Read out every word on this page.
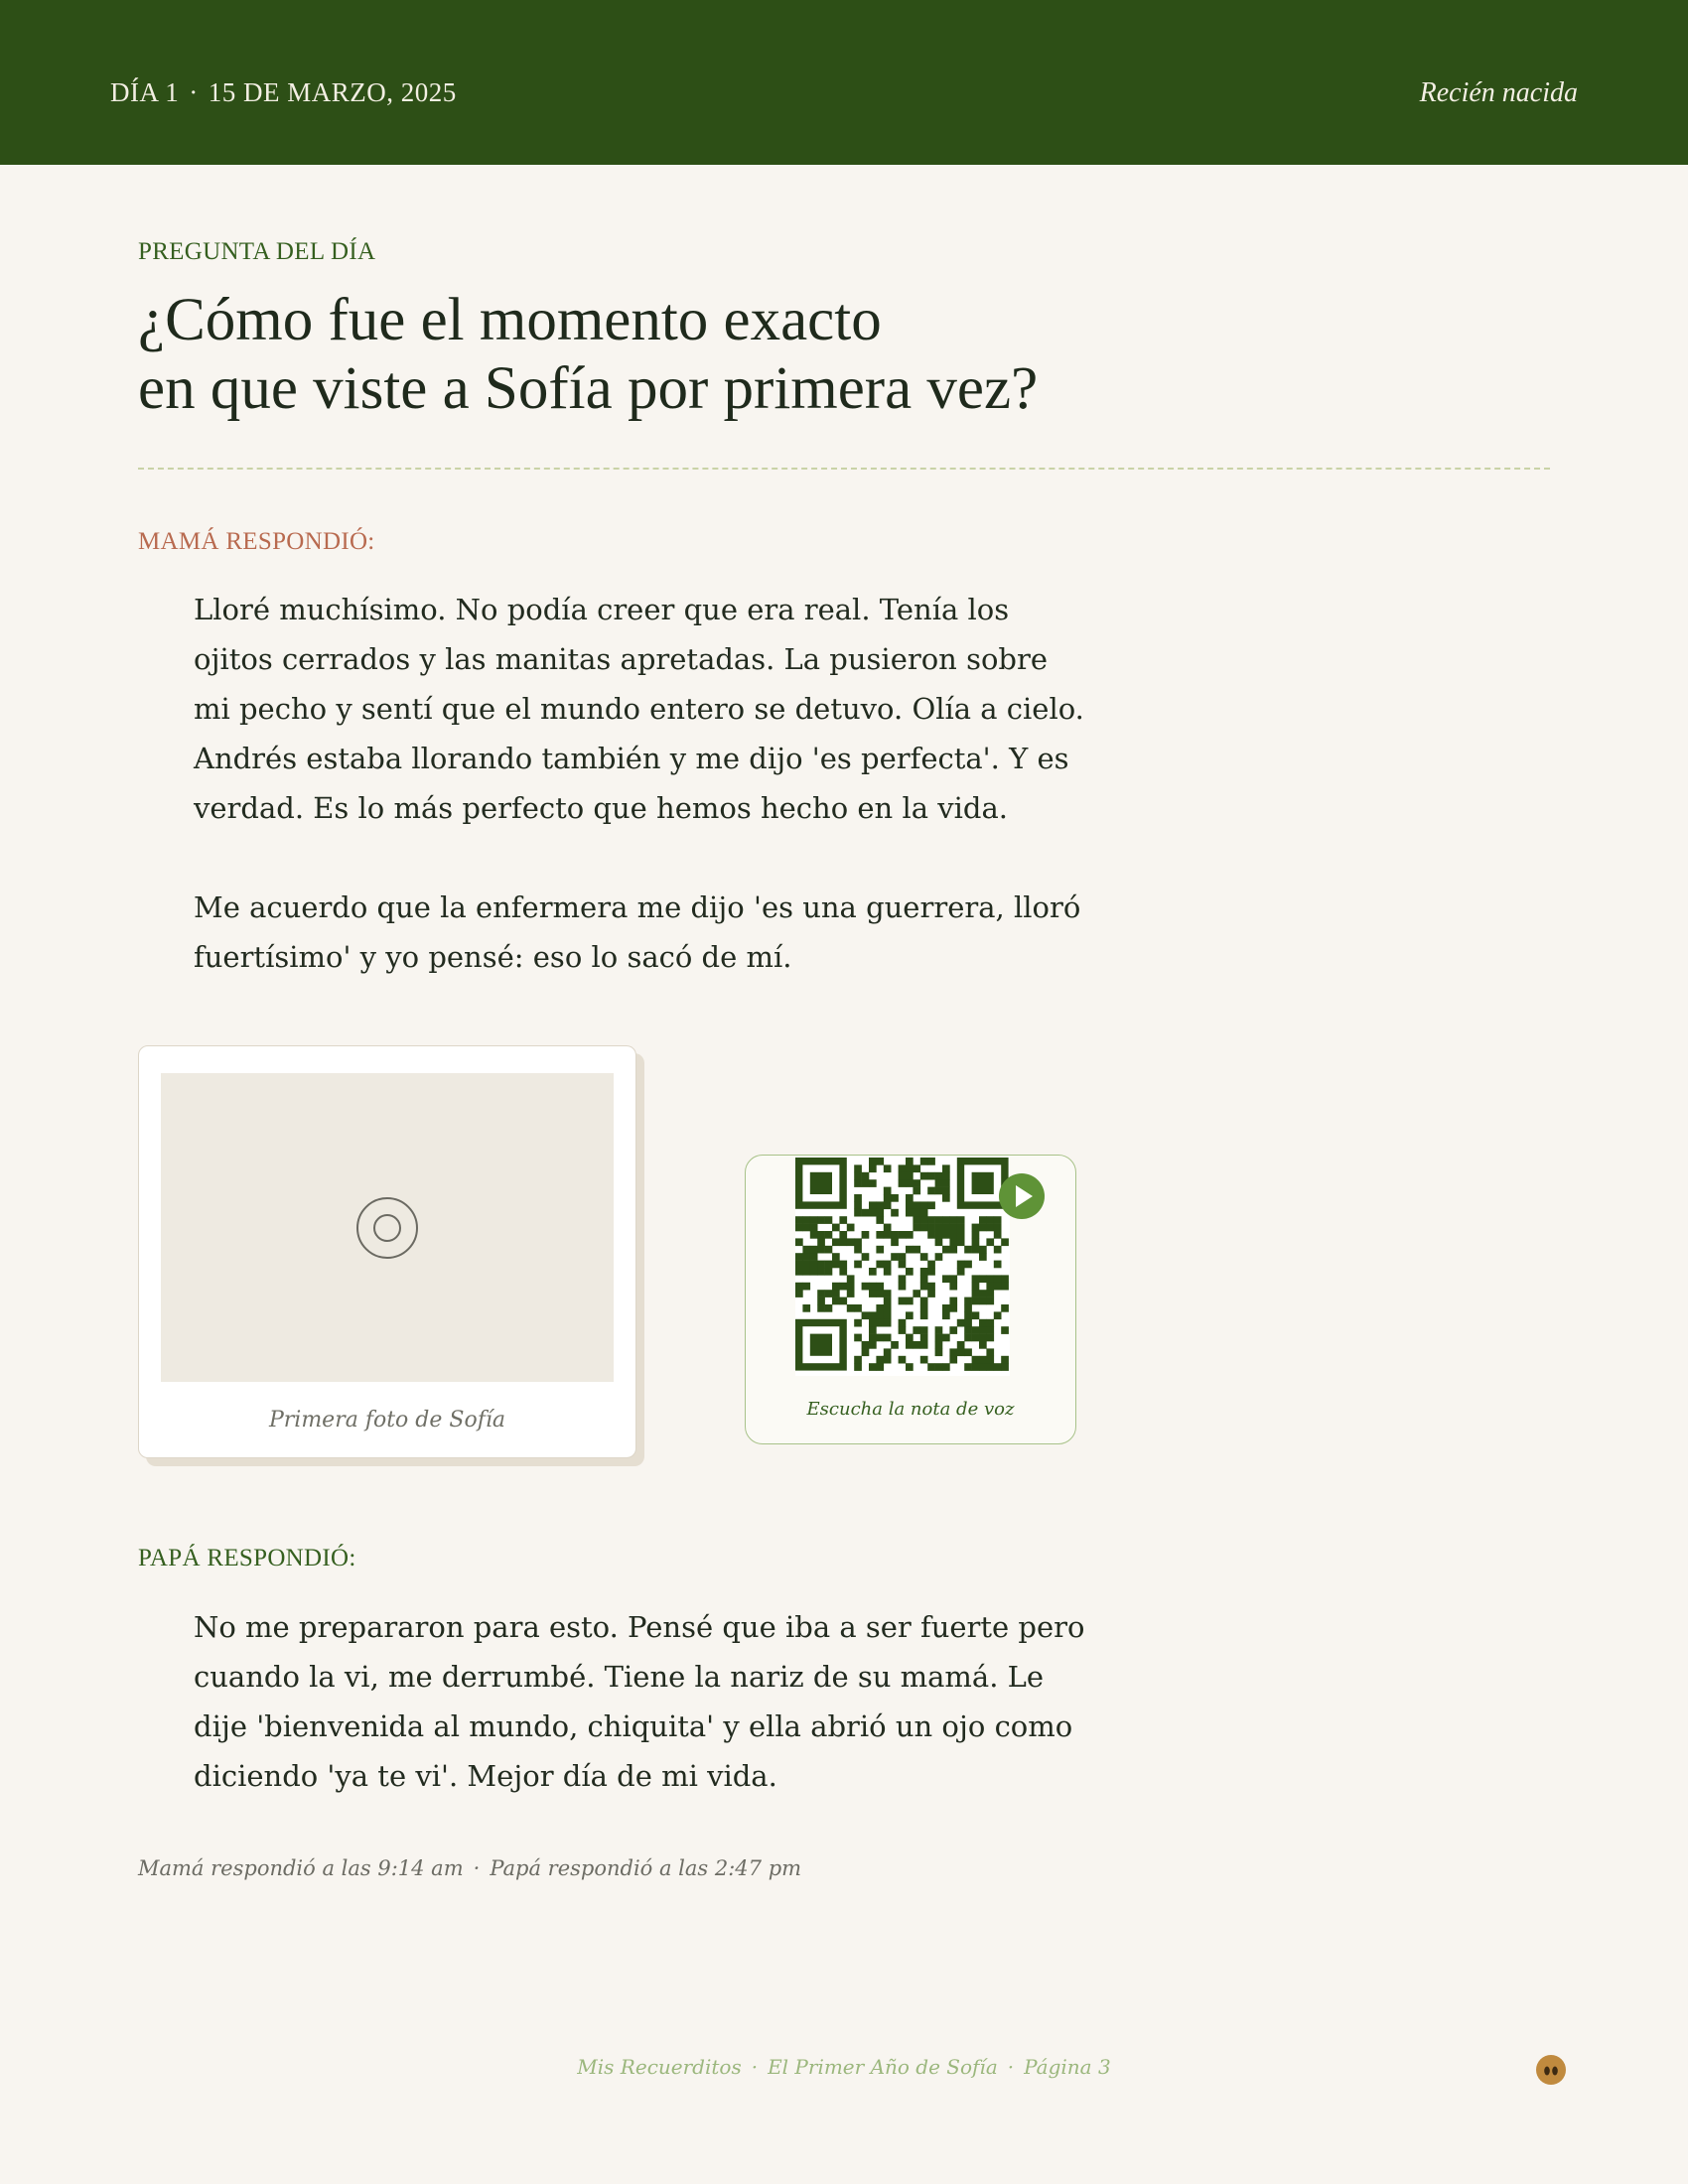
DÍA 1 · 15 DE MARZO, 2025	Recién nacida
PREGUNTA DEL DÍA
¿Cómo fue el momento exacto
en que viste a Sofía por primera vez?
MAMÁ RESPONDIÓ:

Lloré muchísimo. No podía creer que era real. Tenía los ojitos cerrados y las manitas apretadas. La pusieron sobre mi pecho y sentí que el mundo entero se detuvo. Olía a cielo. Andrés estaba llorando también y me dijo 'es perfecta'. Y es verdad. Es lo más perfecto que hemos hecho en la vida.

Me acuerdo que la enfermera me dijo 'es una guerrera, lloró fuertísimo' y yo pensé: eso lo sacó de mí.

Primera foto de Sofía	Escucha la nota de voz
PAPÁ RESPONDIÓ:

No me prepararon para esto. Pensé que iba a ser fuerte pero cuando la vi, me derrumbé. Tiene la nariz de su mamá. Le dije 'bienvenida al mundo, chiquita' y ella abrió un ojo como diciendo 'ya te vi'. Mejor día de mi vida.

Mamá respondió a las 9:14 am · Papá respondió a las 2:47 pm
Mis Recuerditos · El Primer Año de Sofía · Página 3
